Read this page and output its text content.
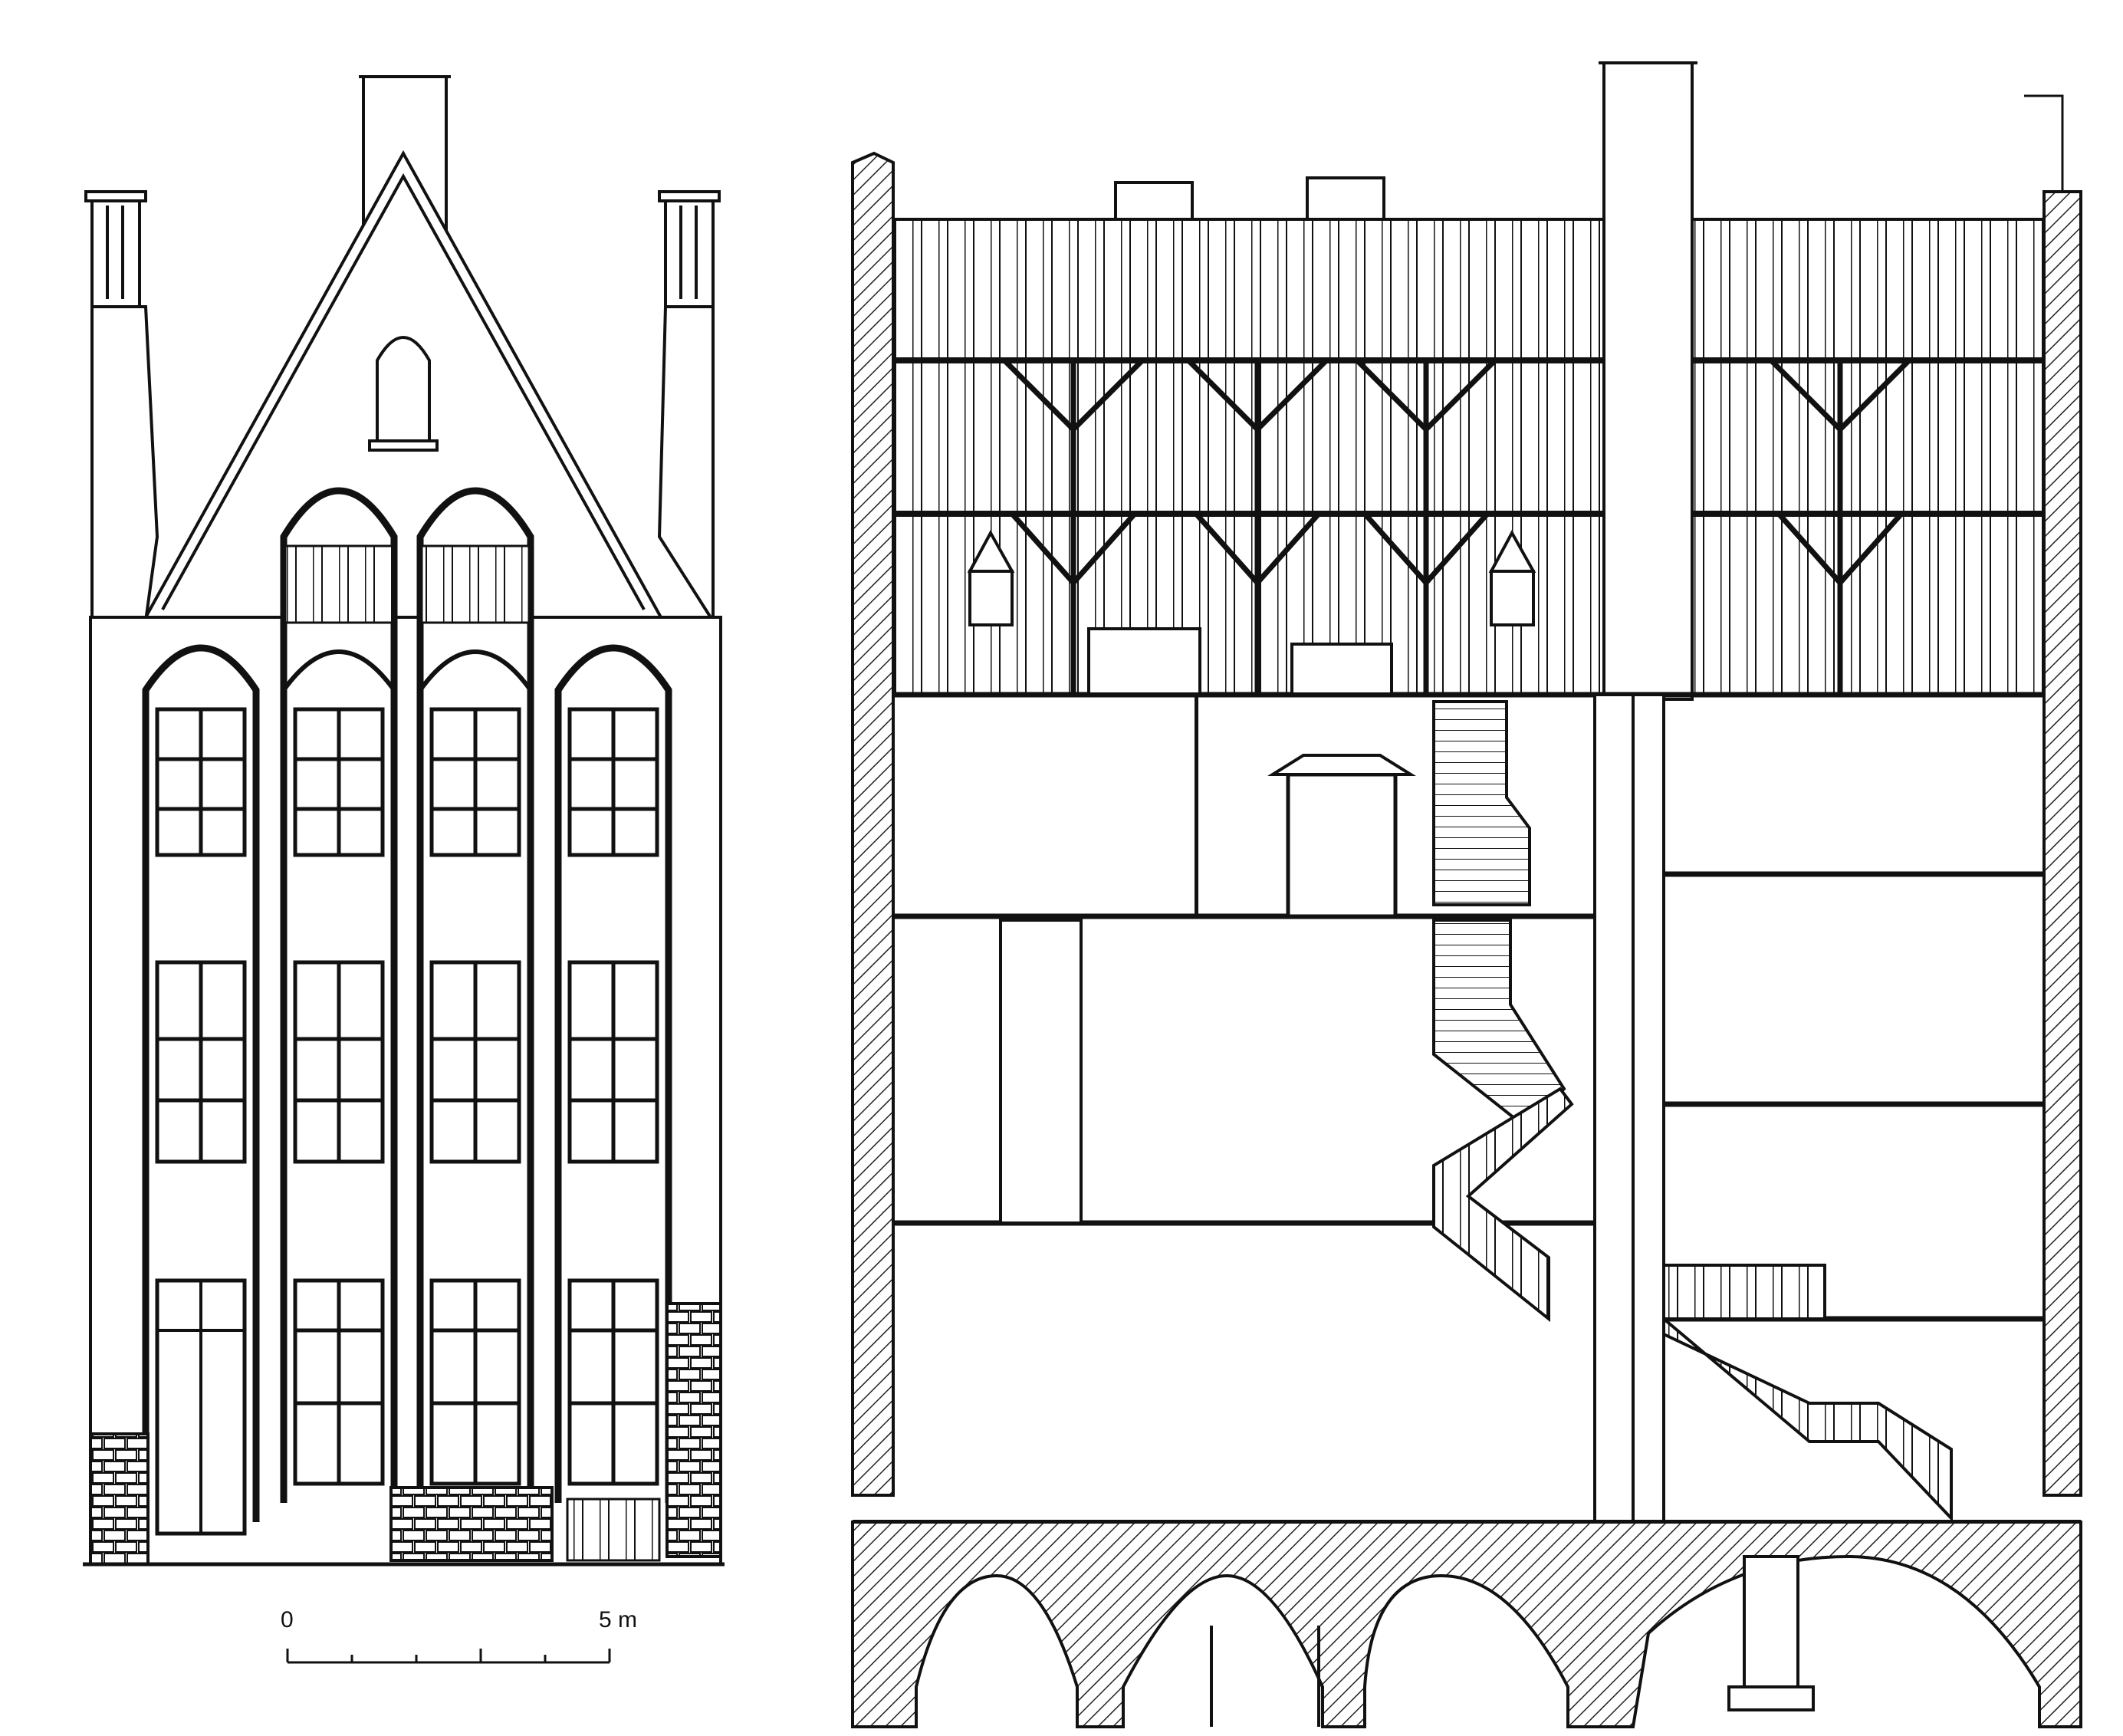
0	5 m
